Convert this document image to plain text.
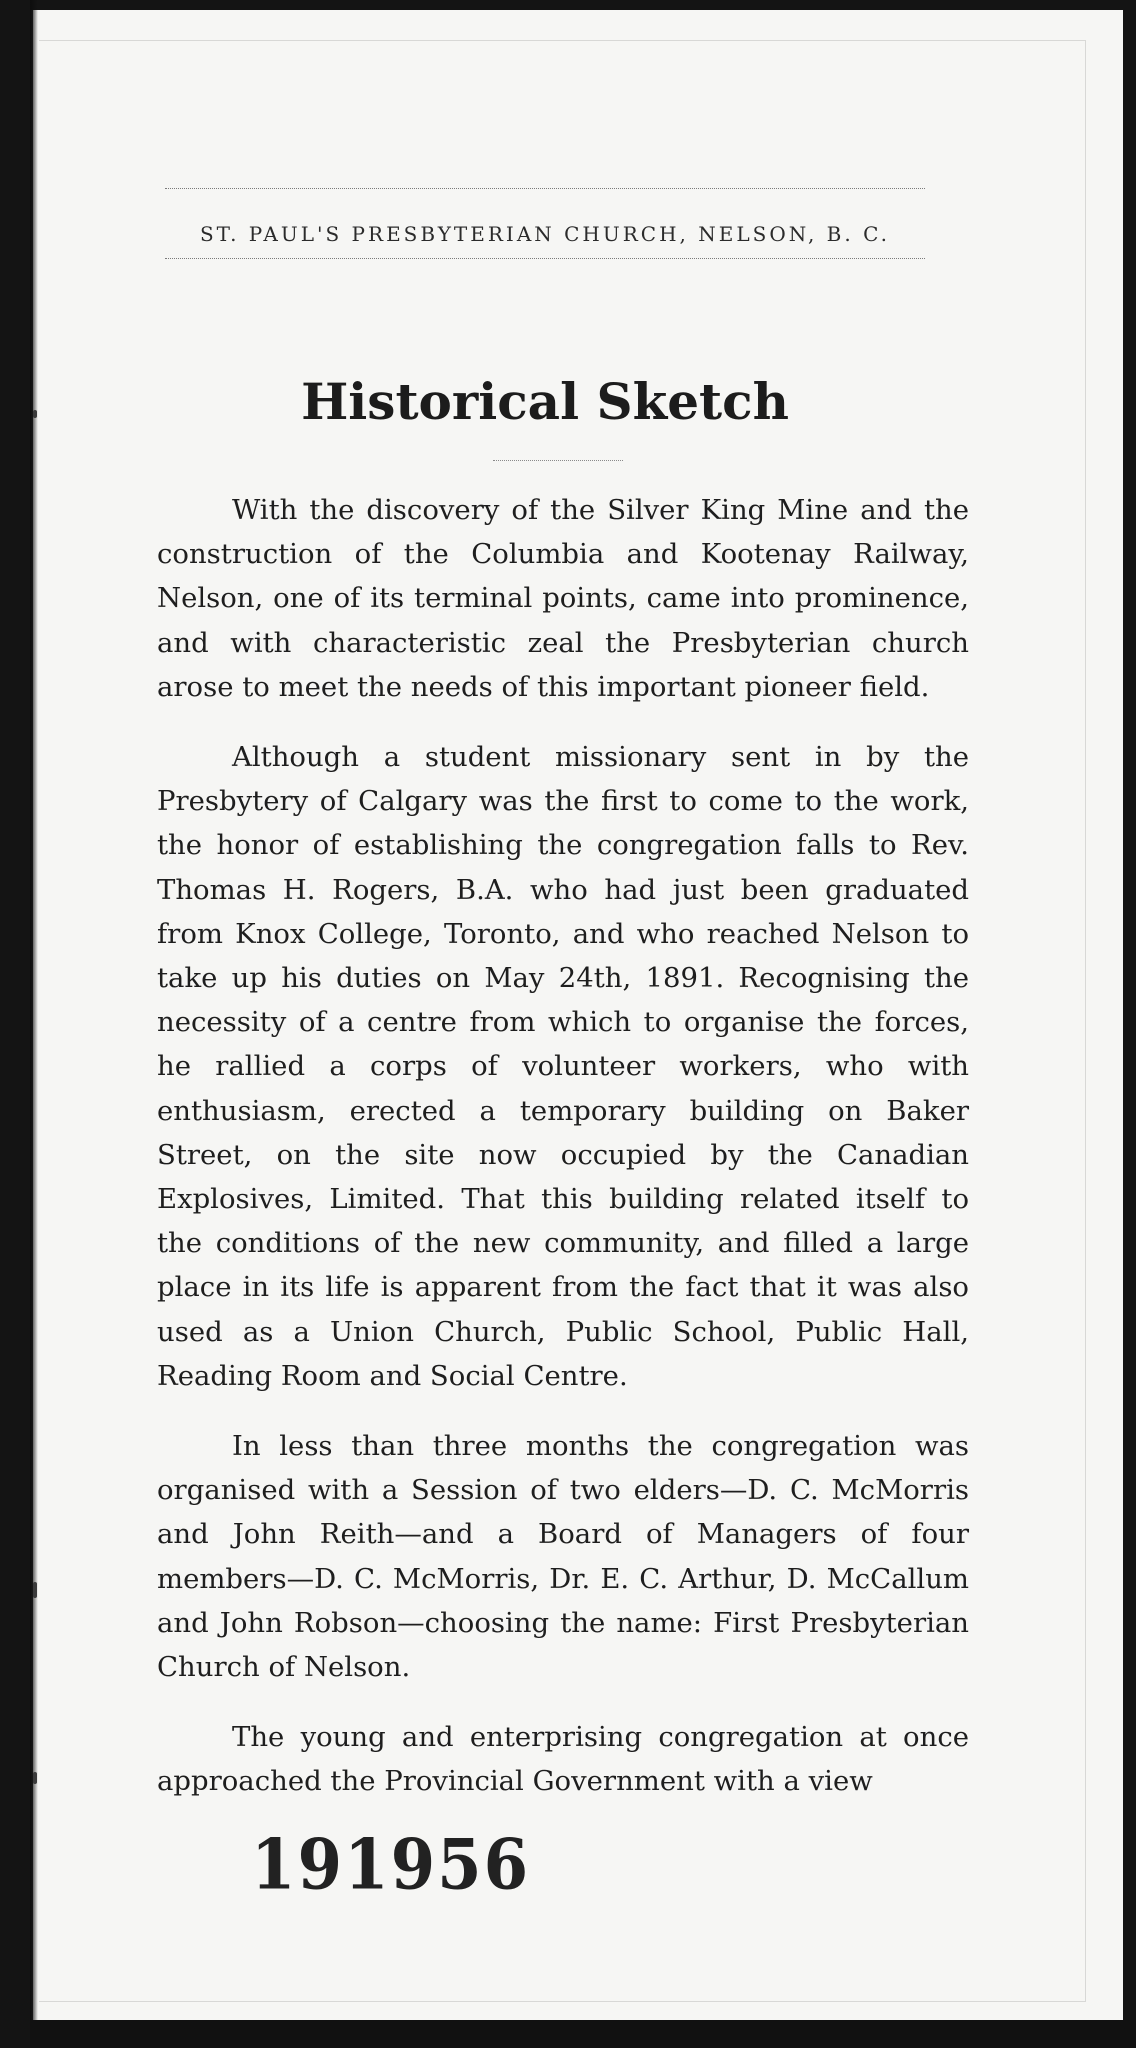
ST. PAUL'S PRESBYTERIAN CHURCH, NELSON, B. C.
Historical Sketch

With the discovery of the Silver King Mine and the construction of the Columbia and Kootenay Railway, Nelson, one of its terminal points, came into prominence, and with characteristic zeal the Presbyterian church arose to meet the needs of this important pioneer field.

Although a student missionary sent in by the Presbytery of Calgary was the first to come to the work, the honor of establishing the congregation falls to Rev. Thomas H. Rogers, B.A. who had just been graduated from Knox College, Toronto, and who reached Nelson to take up his duties on May 24th, 1891. Recognising the necessity of a centre from which to organise the forces, he rallied a corps of volunteer workers, who with enthusiasm, erected a temporary building on Baker Street, on the site now occupied by the Canadian Explosives, Limited. That this building related itself to the conditions of the new community, and filled a large place in its life is apparent from the fact that it was also used as a Union Church, Public School, Public Hall, Reading Room and Social Centre.

In less than three months the congregation was organised with a Session of two elders—D. C. McMorris and John Reith—and a Board of Managers of four members—D. C. McMorris, Dr. E. C. Arthur, D. McCallum and John Robson—choosing the name: First Presbyterian Church of Nelson.

The young and enterprising congregation at once approached the Provincial Government with a view

191956
